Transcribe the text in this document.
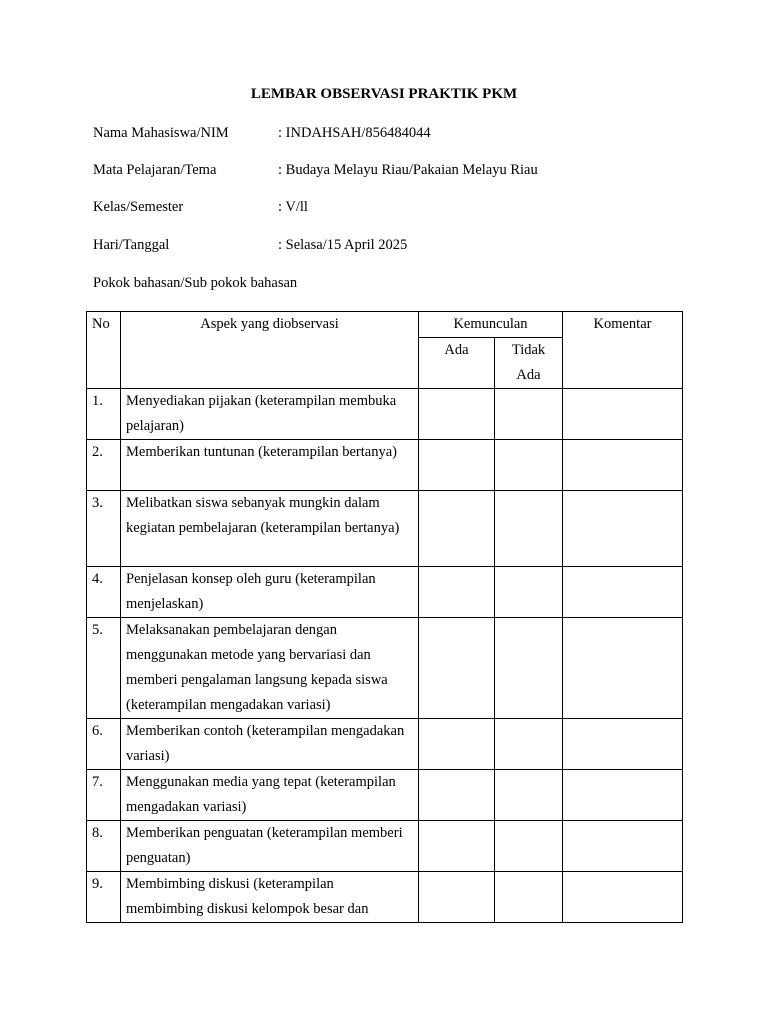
LEMBAR OBSERVASI PRAKTIK PKM
Nama Mahasiswa/NIM	: INDAHSAH/856484044
Mata Pelajaran/Tema	: Budaya Melayu Riau/Pakaian Melayu Riau
Kelas/Semester	: V/ll
Hari/Tanggal	: Selasa/15 April 2025
Pokok bahasan/Sub pokok bahasan
No	Aspek yang diobservasi	Kemunculan		Komentar
		Ada	Tidak
Ada	

1.	Menyediakan pijakan (keterampilan membuka pelajaran)			
2.	Memberikan tuntunan (keterampilan bertanya)			
3.	Melibatkan siswa sebanyak mungkin dalam kegiatan pembelajaran (keterampilan bertanya)			
4.	Penjelasan konsep oleh guru (keterampilan menjelaskan)			
5.	Melaksanakan pembelajaran dengan menggunakan metode yang bervariasi dan memberi pengalaman langsung kepada siswa (keterampilan mengadakan variasi)			
6.	Memberikan contoh (keterampilan mengadakan variasi)			
7.	Menggunakan media yang tepat (keterampilan mengadakan variasi)			
8.	Memberikan penguatan (keterampilan memberi penguatan)			
9.	Membimbing diskusi (keterampilan membimbing diskusi kelompok besar dan			
